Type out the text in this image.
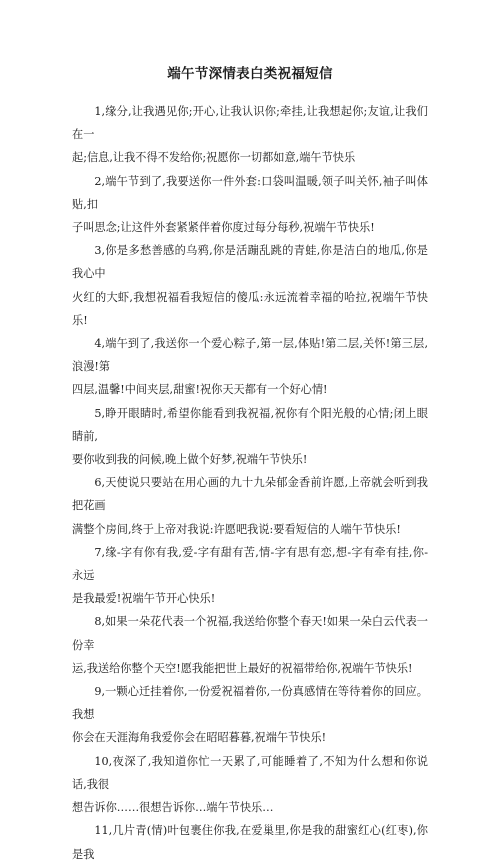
端午节深情表白类祝福短信
1,缘分,让我遇见你;开心,让我认识你;牵挂,让我想起你;友谊,让我们在一
起;信息,让我不得不发给你;祝愿你一切都如意,端午节快乐
2,端午节到了,我要送你一件外套:口袋叫温暖,领子叫关怀,袖子叫体贴,扣
子叫思念;让这件外套紧紧伴着你度过每分每秒,祝端午节快乐!
3,你是多愁善感的乌鸦,你是活蹦乱跳的青蛙,你是洁白的地瓜,你是我心中
火红的大虾,我想祝福看我短信的傻瓜:永远流着幸福的哈拉,祝端午节快乐!
4,端午到了,我送你一个爱心粽子,第一层,体贴!第二层,关怀!第三层,浪漫!第
四层,温馨!中间夹层,甜蜜!祝你天天都有一个好心情!
5,睁开眼睛时,希望你能看到我祝福,祝你有个阳光般的心情;闭上眼睛前,
要你收到我的问候,晚上做个好梦,祝端午节快乐!
6,天使说只要站在用心画的九十九朵郁金香前许愿,上帝就会听到我把花画
满整个房间,终于上帝对我说:许愿吧我说:要看短信的人端午节快乐!
7,缘-字有你有我,爱-字有甜有苦,情-字有思有恋,想-字有牵有挂,你-永远
是我最爱!祝端午节开心快乐!
8,如果一朵花代表一个祝福,我送给你整个春天!如果一朵白云代表一份幸
运,我送给你整个天空!愿我能把世上最好的祝福带给你,祝端午节快乐!
9,一颗心迁挂着你,一份爱祝福着你,一份真感情在等待着你的回应。我想
你会在天涯海角我爱你会在昭昭暮暮,祝端午节快乐!
10,夜深了,我知道你忙一天累了,可能睡着了,不知为什么想和你说话,我很
想告诉你……很想告诉你…端午节快乐…
11,几片青(情)叶包裹住你我,在爱巢里,你是我的甜蜜红心(红枣),你是我
